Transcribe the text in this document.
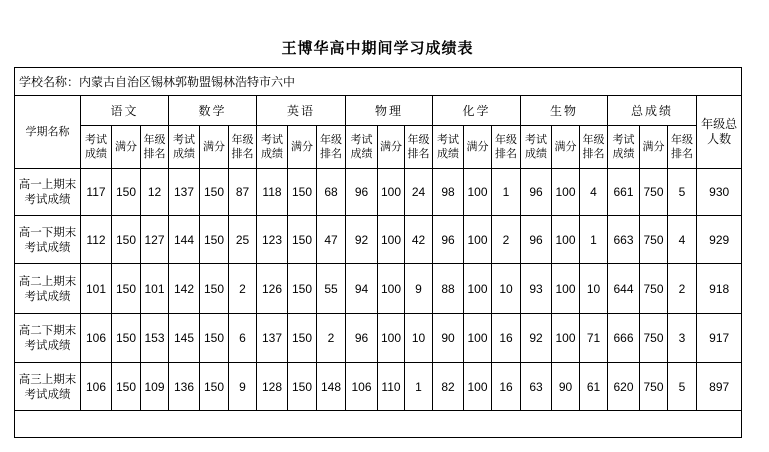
王博华高中期间学习成绩表
学校名称：内蒙古自治区锡林郭勒盟锡林浩特市六中																						
学期名称	语文			数学			英语			物理			化学			生物			总成绩			年级总人数
	考试成绩	满分	年级排名	考试成绩	满分	年级排名	考试成绩	满分	年级排名	考试成绩	满分	年级排名	考试成绩	满分	年级排名	考试成绩	满分	年级排名	考试成绩	满分	年级排名	
高一上期末考试成绩	117	150	12	137	150	87	118	150	68	96	100	24	98	100	1	96	100	4	661	750	5	930
高一下期末考试成绩	112	150	127	144	150	25	123	150	47	92	100	42	96	100	2	96	100	1	663	750	4	929
高二上期末考试成绩	101	150	101	142	150	2	126	150	55	94	100	9	88	100	10	93	100	10	644	750	2	918
高二下期末考试成绩	106	150	153	145	150	6	137	150	2	96	100	10	90	100	16	92	100	71	666	750	3	917
高三上期末考试成绩	106	150	109	136	150	9	128	150	148	106	110	1	82	100	16	63	90	61	620	750	5	897
